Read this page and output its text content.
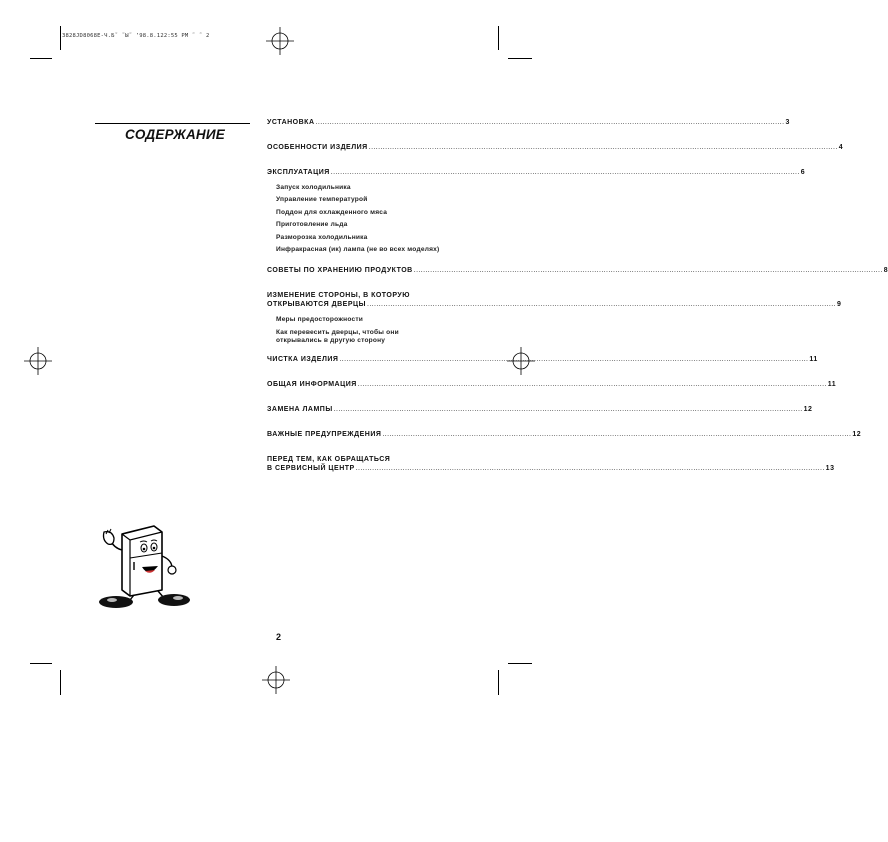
3828JD8068E-Ч.Б˜ ˜Ы˜ ’98.8.122:55 РМ ˜ ˜ 2
СОДЕРЖАНИЕ
УСТАНОВКА ........................................................................................................................................................................................................ 3
ОСОБЕННОСТИ ИЗДЕЛИЯ ........................................................................................................................................................................................................ 4
ЭКСПЛУАТАЦИЯ ........................................................................................................................................................................................................ 6
Запуск холодильника
Управление температурой
Поддон для охлажденного мяса
Приготовление льда
Разморозка холодильника
Инфракрасная (ик) лампа (не во всех моделях)
СОВЕТЫ ПО ХРАНЕНИЮ ПРОДУКТОВ ........................................................................................................................................................................................................ 8
ИЗМЕНЕНИЕ СТОРОНЫ, В КОТОРУЮ
ОТКРЫВАЮТСЯ ДВЕРЦЫ ........................................................................................................................................................................................................ 9
Меры предосторожности
Как перевесить дверцы, чтобы они
открывались в другую сторону
ЧИСТКА ИЗДЕЛИЯ ........................................................................................................................................................................................................ 11
ОБЩАЯ ИНФОРМАЦИЯ ........................................................................................................................................................................................................ 11
ЗАМЕНА ЛАМПЫ ........................................................................................................................................................................................................ 12
ВАЖНЫЕ ПРЕДУПРЕЖДЕНИЯ ........................................................................................................................................................................................................ 12
ПЕРЕД ТЕМ, КАК ОБРАЩАТЬСЯ
В СЕРВИСНЫЙ ЦЕНТР ........................................................................................................................................................................................................ 13
2
